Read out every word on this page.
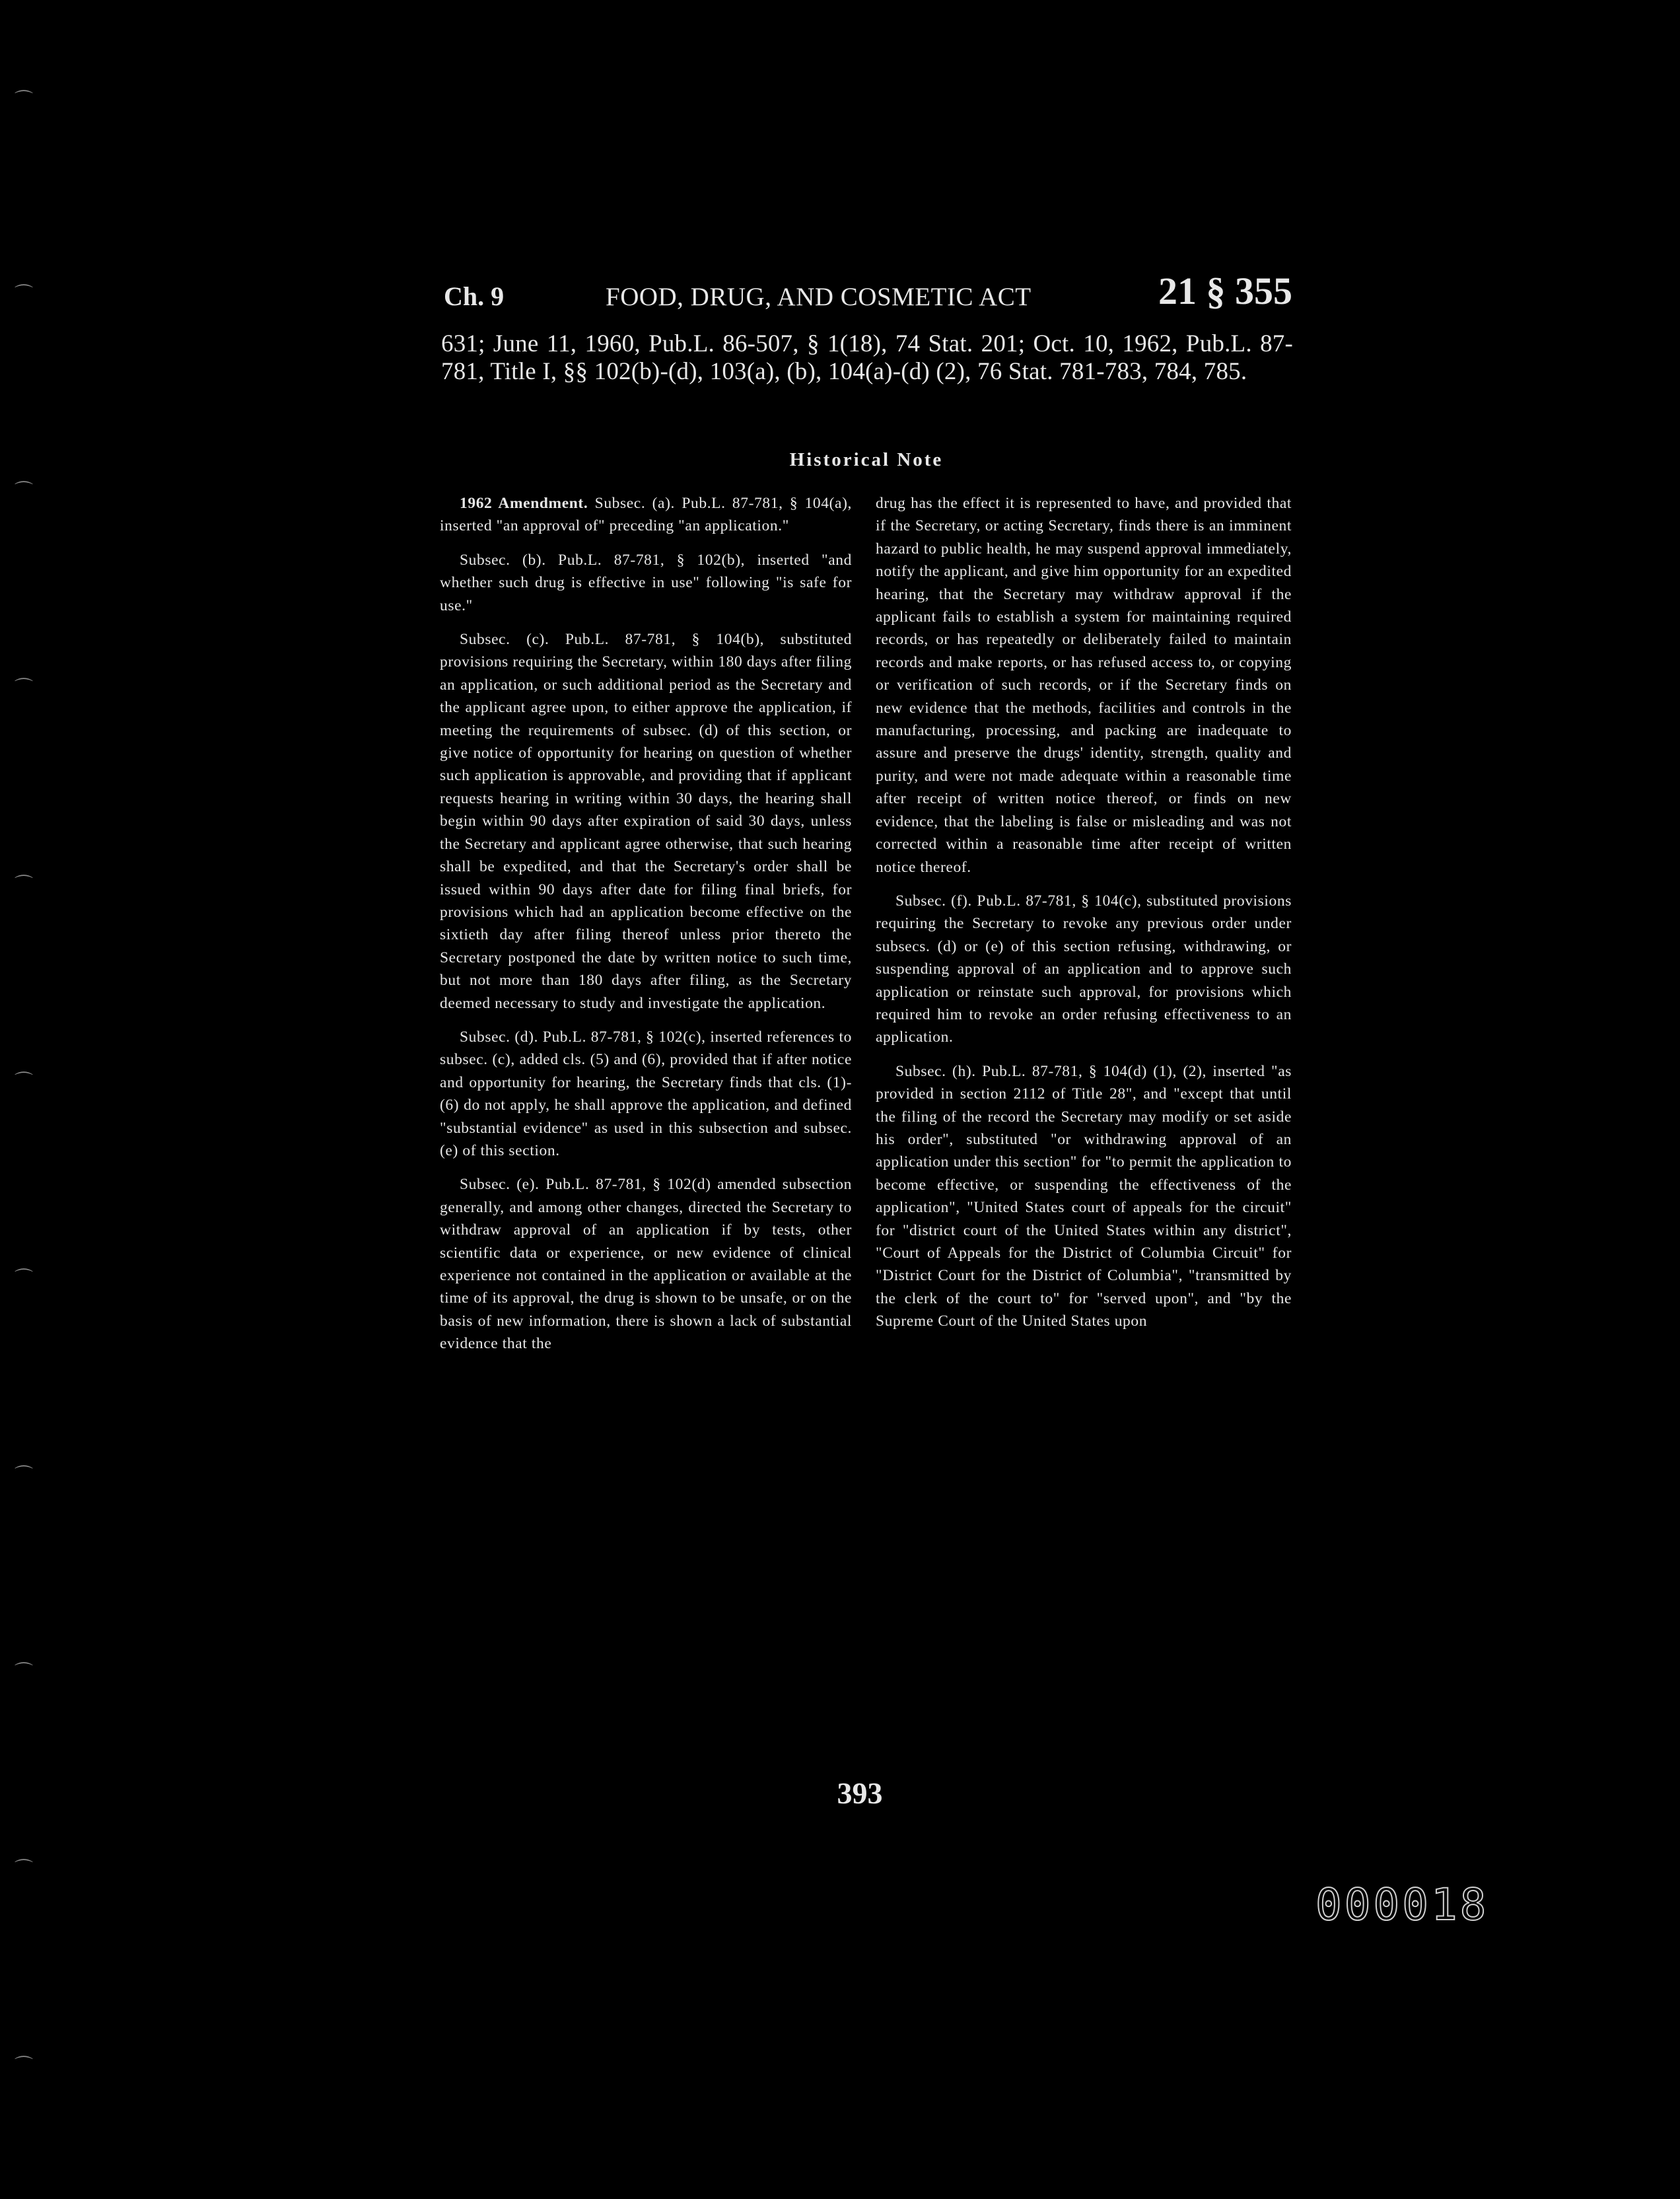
⌒
⌒
⌒
⌒
⌒
⌒
⌒
⌒
⌒
⌒
⌒
Ch. 9	FOOD, DRUG, AND COSMETIC ACT	21 § 355
631; June 11, 1960, Pub.L. 86-507, § 1(18), 74 Stat. 201; Oct. 10, 1962, Pub.L. 87-781, Title I, §§ 102(b)-(d), 103(a), (b), 104(a)-(d) (2), 76 Stat. 781-783, 784, 785.
Historical Note

1962 Amendment. Subsec. (a). Pub.L. 87-781, § 104(a), inserted "an approval of" preceding "an application."

Subsec. (b). Pub.L. 87-781, § 102(b), inserted "and whether such drug is effective in use" following "is safe for use."

Subsec. (c). Pub.L. 87-781, § 104(b), substituted provisions requiring the Secretary, within 180 days after filing an application, or such additional period as the Secretary and the applicant agree upon, to either approve the application, if meeting the requirements of subsec. (d) of this section, or give notice of opportunity for hearing on question of whether such application is approvable, and providing that if applicant requests hearing in writing within 30 days, the hearing shall begin within 90 days after expiration of said 30 days, unless the Secretary and applicant agree otherwise, that such hearing shall be expedited, and that the Secretary's order shall be issued within 90 days after date for filing final briefs, for provisions which had an application become effective on the sixtieth day after filing thereof unless prior thereto the Secretary postponed the date by written notice to such time, but not more than 180 days after filing, as the Secretary deemed necessary to study and investigate the application.

Subsec. (d). Pub.L. 87-781, § 102(c), inserted references to subsec. (c), added cls. (5) and (6), provided that if after notice and opportunity for hearing, the Secretary finds that cls. (1)-(6) do not apply, he shall approve the application, and defined "substantial evidence" as used in this subsection and subsec. (e) of this section.

Subsec. (e). Pub.L. 87-781, § 102(d) amended subsection generally, and among other changes, directed the Secretary to withdraw approval of an application if by tests, other scientific data or experience, or new evidence of clinical experience not contained in the application or available at the time of its approval, the drug is shown to be unsafe, or on the basis of new information, there is shown a lack of substantial evidence that the

drug has the effect it is represented to have, and provided that if the Secretary, or acting Secretary, finds there is an imminent hazard to public health, he may suspend approval immediately, notify the applicant, and give him opportunity for an expedited hearing, that the Secretary may withdraw approval if the applicant fails to establish a system for maintaining required records, or has repeatedly or deliberately failed to maintain records and make reports, or has refused access to, or copying or verification of such records, or if the Secretary finds on new evidence that the methods, facilities and controls in the manufacturing, processing, and packing are inadequate to assure and preserve the drugs' identity, strength, quality and purity, and were not made adequate within a reasonable time after receipt of written notice thereof, or finds on new evidence, that the labeling is false or misleading and was not corrected within a reasonable time after receipt of written notice thereof.

Subsec. (f). Pub.L. 87-781, § 104(c), substituted provisions requiring the Secretary to revoke any previous order under subsecs. (d) or (e) of this section refusing, withdrawing, or suspending approval of an application and to approve such application or reinstate such approval, for provisions which required him to revoke an order refusing effectiveness to an application.

Subsec. (h). Pub.L. 87-781, § 104(d) (1), (2), inserted "as provided in section 2112 of Title 28", and "except that until the filing of the record the Secretary may modify or set aside his order", substituted "or withdrawing approval of an application under this section" for "to permit the application to become effective, or suspending the effectiveness of the application", "United States court of appeals for the circuit" for "district court of the United States within any district", "Court of Appeals for the District of Columbia Circuit" for "District Court for the District of Columbia", "transmitted by the clerk of the court to" for "served upon", and "by the Supreme Court of the United States upon

393
000018
